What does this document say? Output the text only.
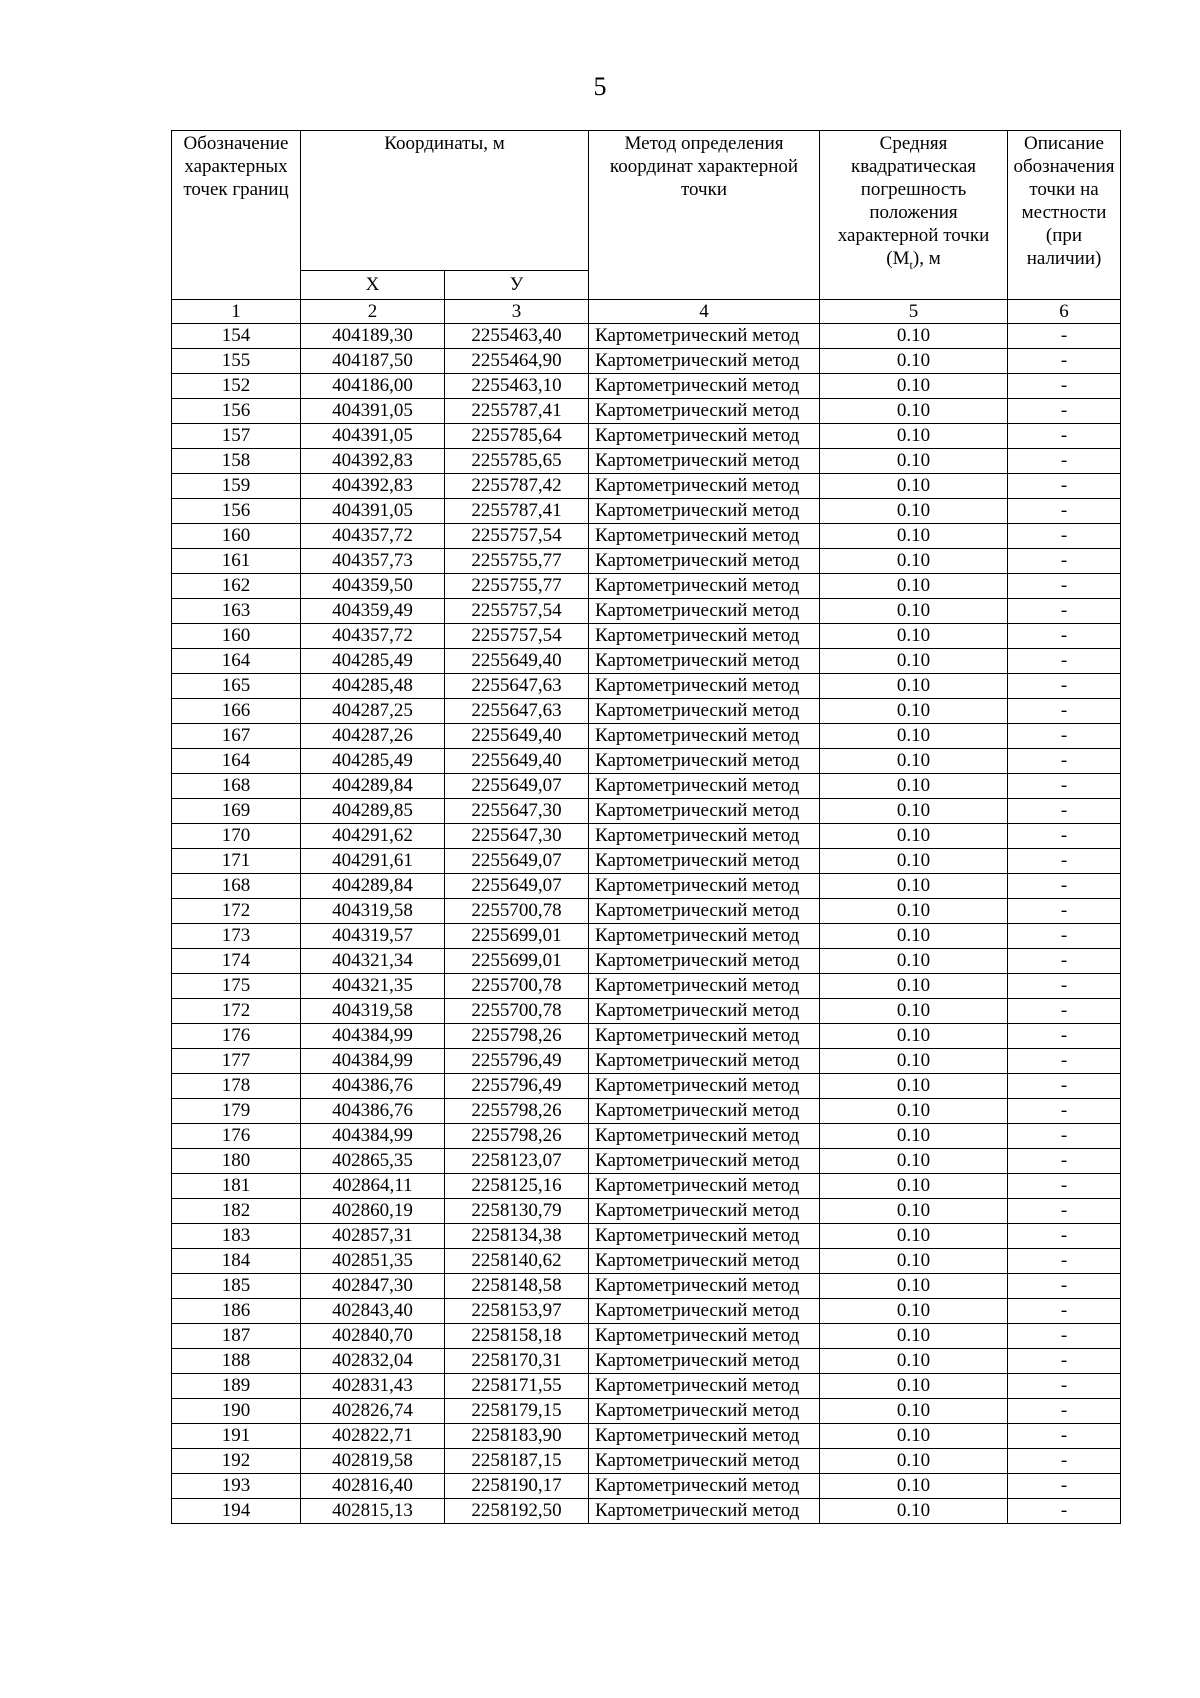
5
Обозначение характерных точек границ	Координаты, м		Метод определения координат характерной точки	Средняя квадратическая погрешность положения характерной точки $(M_t)$, м	Описание обозначения точки на местности (при наличии)
	X	У			
1	2	3	4	5	6
154	404189,30	2255463,40	Картометрический метод	0.10	-
155	404187,50	2255464,90	Картометрический метод	0.10	-
152	404186,00	2255463,10	Картометрический метод	0.10	-
156	404391,05	2255787,41	Картометрический метод	0.10	-
157	404391,05	2255785,64	Картометрический метод	0.10	-
158	404392,83	2255785,65	Картометрический метод	0.10	-
159	404392,83	2255787,42	Картометрический метод	0.10	-
156	404391,05	2255787,41	Картометрический метод	0.10	-
160	404357,72	2255757,54	Картометрический метод	0.10	-
161	404357,73	2255755,77	Картометрический метод	0.10	-
162	404359,50	2255755,77	Картометрический метод	0.10	-
163	404359,49	2255757,54	Картометрический метод	0.10	-
160	404357,72	2255757,54	Картометрический метод	0.10	-
164	404285,49	2255649,40	Картометрический метод	0.10	-
165	404285,48	2255647,63	Картометрический метод	0.10	-
166	404287,25	2255647,63	Картометрический метод	0.10	-
167	404287,26	2255649,40	Картометрический метод	0.10	-
164	404285,49	2255649,40	Картометрический метод	0.10	-
168	404289,84	2255649,07	Картометрический метод	0.10	-
169	404289,85	2255647,30	Картометрический метод	0.10	-
170	404291,62	2255647,30	Картометрический метод	0.10	-
171	404291,61	2255649,07	Картометрический метод	0.10	-
168	404289,84	2255649,07	Картометрический метод	0.10	-
172	404319,58	2255700,78	Картометрический метод	0.10	-
173	404319,57	2255699,01	Картометрический метод	0.10	-
174	404321,34	2255699,01	Картометрический метод	0.10	-
175	404321,35	2255700,78	Картометрический метод	0.10	-
172	404319,58	2255700,78	Картометрический метод	0.10	-
176	404384,99	2255798,26	Картометрический метод	0.10	-
177	404384,99	2255796,49	Картометрический метод	0.10	-
178	404386,76	2255796,49	Картометрический метод	0.10	-
179	404386,76	2255798,26	Картометрический метод	0.10	-
176	404384,99	2255798,26	Картометрический метод	0.10	-
180	402865,35	2258123,07	Картометрический метод	0.10	-
181	402864,11	2258125,16	Картометрический метод	0.10	-
182	402860,19	2258130,79	Картометрический метод	0.10	-
183	402857,31	2258134,38	Картометрический метод	0.10	-
184	402851,35	2258140,62	Картометрический метод	0.10	-
185	402847,30	2258148,58	Картометрический метод	0.10	-
186	402843,40	2258153,97	Картометрический метод	0.10	-
187	402840,70	2258158,18	Картометрический метод	0.10	-
188	402832,04	2258170,31	Картометрический метод	0.10	-
189	402831,43	2258171,55	Картометрический метод	0.10	-
190	402826,74	2258179,15	Картометрический метод	0.10	-
191	402822,71	2258183,90	Картометрический метод	0.10	-
192	402819,58	2258187,15	Картометрический метод	0.10	-
193	402816,40	2258190,17	Картометрический метод	0.10	-
194	402815,13	2258192,50	Картометрический метод	0.10	-
